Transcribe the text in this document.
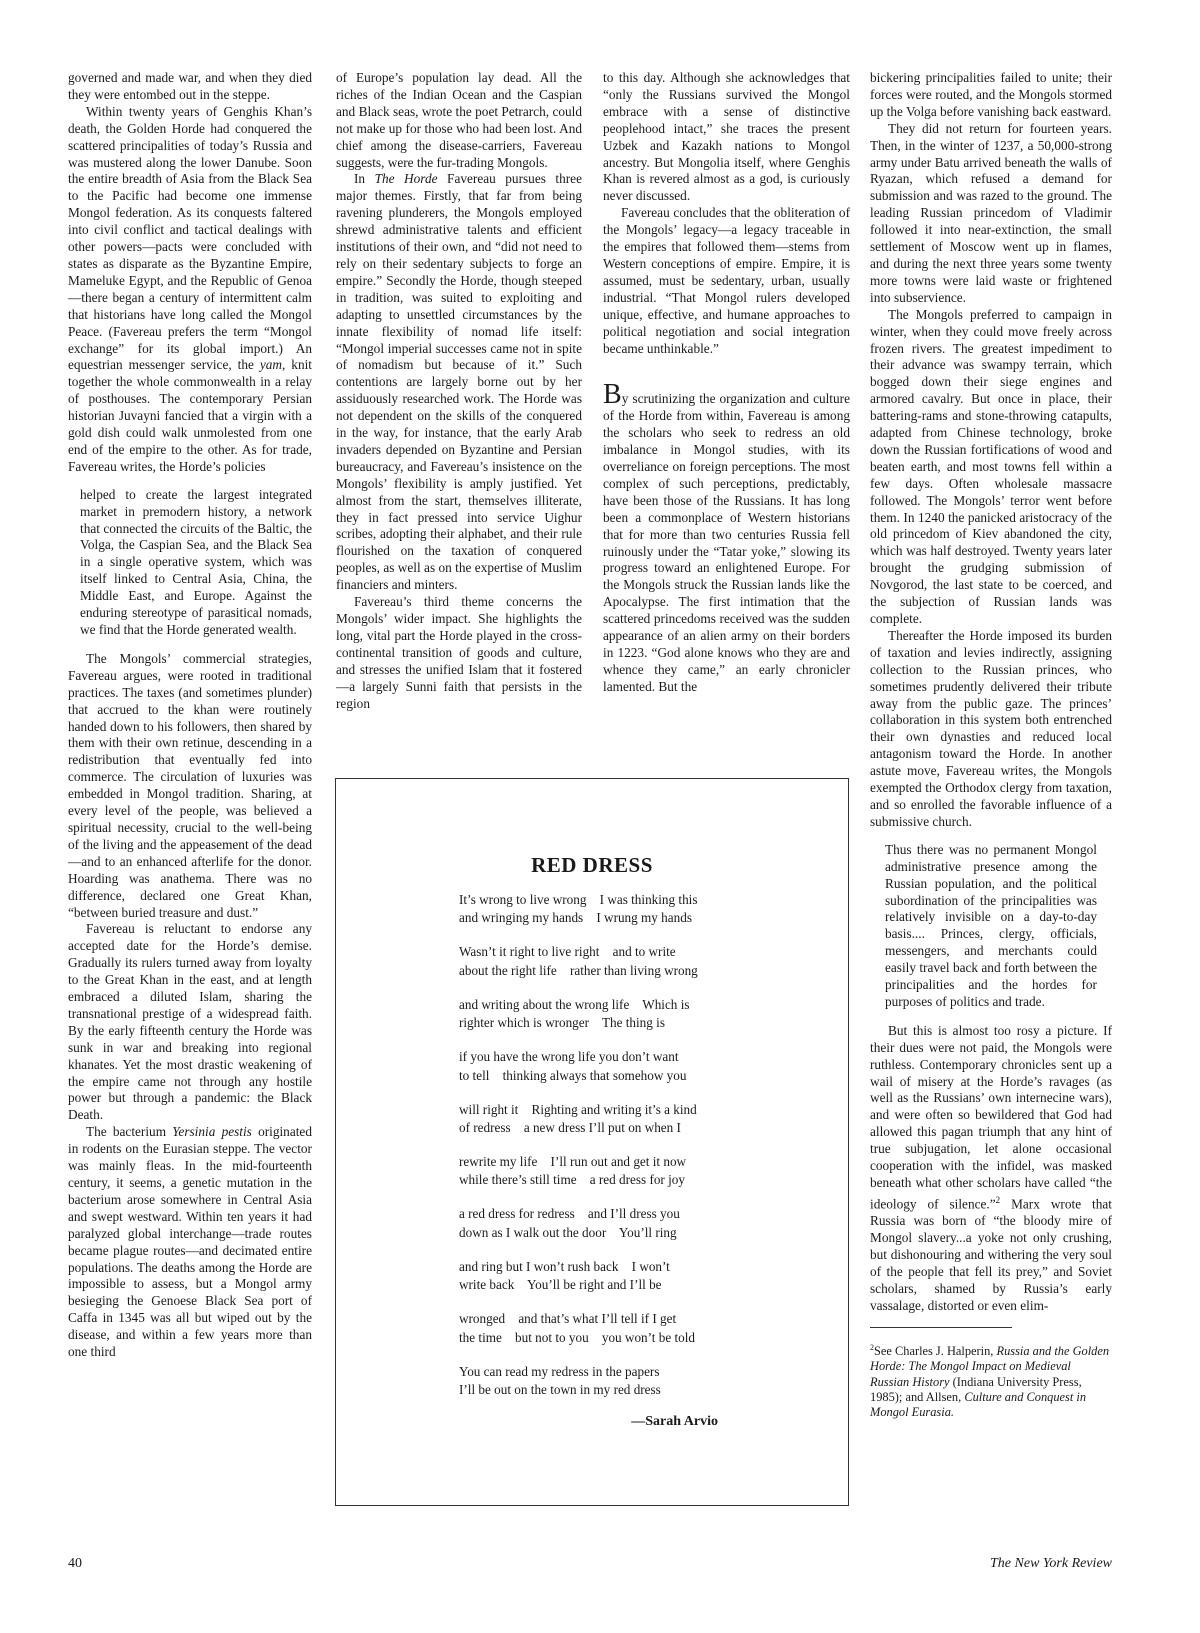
governed and made war, and when they died they were entombed out in the steppe.

Within twenty years of Genghis Khan’s death, the Golden Horde had conquered the scattered principalities of today’s Russia and was mustered along the lower Danube. Soon the entire breadth of Asia from the Black Sea to the Pacific had become one immense Mongol federation. As its conquests faltered into civil conflict and tactical dealings with other powers—pacts were concluded with states as disparate as the Byzantine Empire, Mameluke Egypt, and the Republic of Genoa—there began a century of intermittent calm that historians have long called the Mongol Peace. (Favereau prefers the term “Mongol exchange” for its global import.) An equestrian messenger service, the yam, knit together the whole commonwealth in a relay of posthouses. The contemporary Persian historian Juvayni fancied that a virgin with a gold dish could walk unmolested from one end of the empire to the other. As for trade, Favereau writes, the Horde’s policies

helped to create the largest integrated market in premodern history, a network that connected the circuits of the Baltic, the Volga, the Caspian Sea, and the Black Sea in a single operative system, which was itself linked to Central Asia, China, the Middle East, and Europe. Against the enduring stereotype of parasitical nomads, we find that the Horde generated wealth.

The Mongols’ commercial strategies, Favereau argues, were rooted in traditional practices. The taxes (and sometimes plunder) that accrued to the khan were routinely handed down to his followers, then shared by them with their own retinue, descending in a redistribution that eventually fed into commerce. The circulation of luxuries was embedded in Mongol tradition. Sharing, at every level of the people, was believed a spiritual necessity, crucial to the well-being of the living and the appeasement of the dead—and to an enhanced afterlife for the donor. Hoarding was anathema. There was no difference, declared one Great Khan, “between buried treasure and dust.”

Favereau is reluctant to endorse any accepted date for the Horde’s demise. Gradually its rulers turned away from loyalty to the Great Khan in the east, and at length embraced a diluted Islam, sharing the transnational prestige of a widespread faith. By the early fifteenth century the Horde was sunk in war and breaking into regional khanates. Yet the most drastic weakening of the empire came not through any hostile power but through a pandemic: the Black Death.

The bacterium Yersinia pestis originated in rodents on the Eurasian steppe. The vector was mainly fleas. In the mid-fourteenth century, it seems, a genetic mutation in the bacterium arose somewhere in Central Asia and swept westward. Within ten years it had paralyzed global interchange—trade routes became plague routes—and decimated entire populations. The deaths among the Horde are impossible to assess, but a Mongol army besieging the Genoese Black Sea port of Caffa in 1345 was all but wiped out by the disease, and within a few years more than one third

of Europe’s population lay dead. All the riches of the Indian Ocean and the Caspian and Black seas, wrote the poet Petrarch, could not make up for those who had been lost. And chief among the disease-carriers, Favereau suggests, were the fur-trading Mongols.

In The Horde Favereau pursues three major themes. Firstly, that far from being ravening plunderers, the Mongols employed shrewd administrative talents and efficient institutions of their own, and “did not need to rely on their sedentary subjects to forge an empire.” Secondly the Horde, though steeped in tradition, was suited to exploiting and adapting to unsettled circumstances by the innate flexibility of nomad life itself: “Mongol imperial successes came not in spite of nomadism but because of it.” Such contentions are largely borne out by her assiduously researched work. The Horde was not dependent on the skills of the conquered in the way, for instance, that the early Arab invaders depended on Byzantine and Persian bureaucracy, and Favereau’s insistence on the Mongols’ flexibility is amply justified. Yet almost from the start, themselves illiterate, they in fact pressed into service Uighur scribes, adopting their alphabet, and their rule flourished on the taxation of conquered peoples, as well as on the expertise of Muslim financiers and minters.

Favereau’s third theme concerns the Mongols’ wider impact. She highlights the long, vital part the Horde played in the cross-continental transition of goods and culture, and stresses the unified Islam that it fostered—a largely Sunni faith that persists in the region

to this day. Although she acknowledges that “only the Russians survived the Mongol embrace with a sense of distinctive peoplehood intact,” she traces the present Uzbek and Kazakh nations to Mongol ancestry. But Mongolia itself, where Genghis Khan is revered almost as a god, is curiously never discussed.

Favereau concludes that the obliteration of the Mongols’ legacy—a legacy traceable in the empires that followed them—stems from Western conceptions of empire. Empire, it is assumed, must be sedentary, urban, usually industrial. “That Mongol rulers developed unique, effective, and humane approaches to political negotiation and social integration became unthinkable.”

By scrutinizing the organization and culture of the Horde from within, Favereau is among the scholars who seek to redress an old imbalance in Mongol studies, with its overreliance on foreign perceptions. The most complex of such perceptions, predictably, have been those of the Russians. It has long been a commonplace of Western historians that for more than two centuries Russia fell ruinously under the “Tatar yoke,” slowing its progress toward an enlightened Europe. For the Mongols struck the Russian lands like the Apocalypse. The first intimation that the scattered princedoms received was the sudden appearance of an alien army on their borders in 1223. “God alone knows who they are and whence they came,” an early chronicler lamented. But the

bickering principalities failed to unite; their forces were routed, and the Mongols stormed up the Volga before vanishing back eastward.

They did not return for fourteen years. Then, in the winter of 1237, a 50,000-strong army under Batu arrived beneath the walls of Ryazan, which refused a demand for submission and was razed to the ground. The leading Russian princedom of Vladimir followed it into near-extinction, the small settlement of Moscow went up in flames, and during the next three years some twenty more towns were laid waste or frightened into subservience.

The Mongols preferred to campaign in winter, when they could move freely across frozen rivers. The greatest impediment to their advance was swampy terrain, which bogged down their siege engines and armored cavalry. But once in place, their battering-rams and stone-throwing catapults, adapted from Chinese technology, broke down the Russian fortifications of wood and beaten earth, and most towns fell within a few days. Often wholesale massacre followed. The Mongols’ terror went before them. In 1240 the panicked aristocracy of the old princedom of Kiev abandoned the city, which was half destroyed. Twenty years later brought the grudging submission of Novgorod, the last state to be coerced, and the subjection of Russian lands was complete.

Thereafter the Horde imposed its burden of taxation and levies indirectly, assigning collection to the Russian princes, who sometimes prudently delivered their tribute away from the public gaze. The princes’ collaboration in this system both entrenched their own dynasties and reduced local antagonism toward the Horde. In another astute move, Favereau writes, the Mongols exempted the Orthodox clergy from taxation, and so enrolled the favorable influence of a submissive church.

Thus there was no permanent Mongol administrative presence among the Russian population, and the political subordination of the principalities was relatively invisible on a day-to-day basis.... Princes, clergy, officials, messengers, and merchants could easily travel back and forth between the principalities and the hordes for purposes of politics and trade.

But this is almost too rosy a picture. If their dues were not paid, the Mongols were ruthless. Contemporary chronicles sent up a wail of misery at the Horde’s ravages (as well as the Russians’ own internecine wars), and were often so bewildered that God had allowed this pagan triumph that any hint of true subjugation, let alone occasional cooperation with the infidel, was masked beneath what other scholars have called “the ideology of silence.”$^2$ Marx wrote that Russia was born of “the bloody mire of Mongol slavery...a yoke not only crushing, but dishonouring and withering the very soul of the people that fell its prey,” and Soviet scholars, shamed by Russia’s early vassalage, distorted or even elim-

$^2$See Charles J. Halperin, Russia and the Golden Horde: The Mongol Impact on Medieval Russian History (Indiana University Press, 1985); and Allsen, Culture and Conquest in Mongol Eurasia.
RED DRESS
It’s wrong to live wrong    I was thinking this
and wringing my hands    I wrung my hands
Wasn’t it right to live right    and to write
about the right life    rather than living wrong
and writing about the wrong life    Which is
righter which is wronger    The thing is
if you have the wrong life you don’t want
to tell    thinking always that somehow you
will right it    Righting and writing it’s a kind
of redress    a new dress I’ll put on when I
rewrite my life    I’ll run out and get it now
while there’s still time    a red dress for joy
a red dress for redress    and I’ll dress you
down as I walk out the door    You’ll ring
and ring but I won’t rush back    I won’t
write back    You’ll be right and I’ll be
wronged    and that’s what I’ll tell if I get
the time    but not to you    you won’t be told
You can read my redress in the papers
I’ll be out on the town in my red dress
—Sarah Arvio
40	The New York Review
